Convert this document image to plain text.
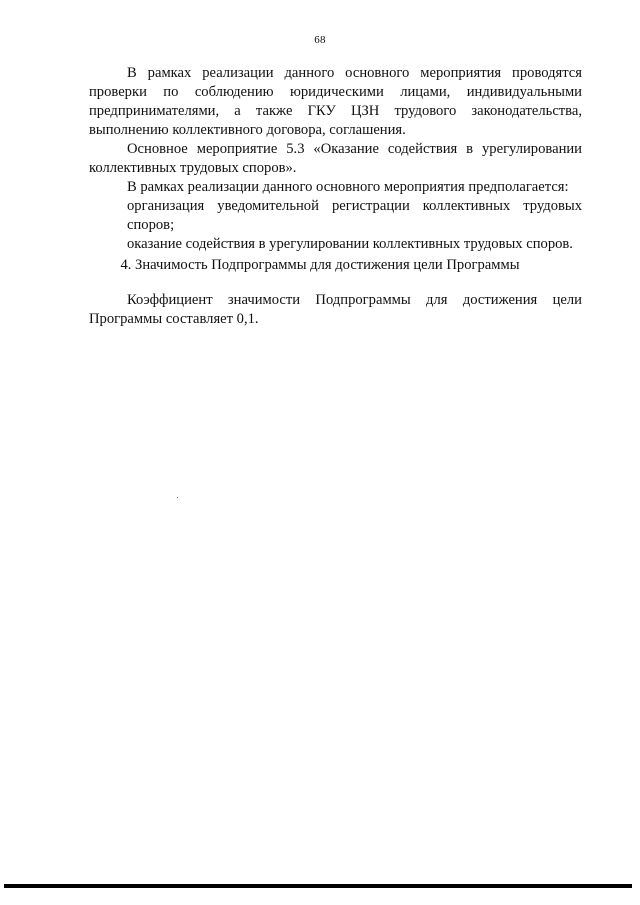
68

В рамках реализации данного основного мероприятия проводятся проверки по соблюдению юридическими лицами, индивидуальными предпринимателями, а также ГКУ ЦЗН трудового законодательства, выполнению коллективного договора, соглашения.

Основное мероприятие 5.3 «Оказание содействия в урегулировании коллективных трудовых споров».

В рамках реализации данного основного мероприятия предполагается:

организация уведомительной регистрации коллективных трудовых споров;

оказание содействия в урегулировании коллективных трудовых споров.

4. Значимость Подпрограммы для достижения цели Программы

Коэффициент значимости Подпрограммы для достижения цели Программы составляет 0,1.
